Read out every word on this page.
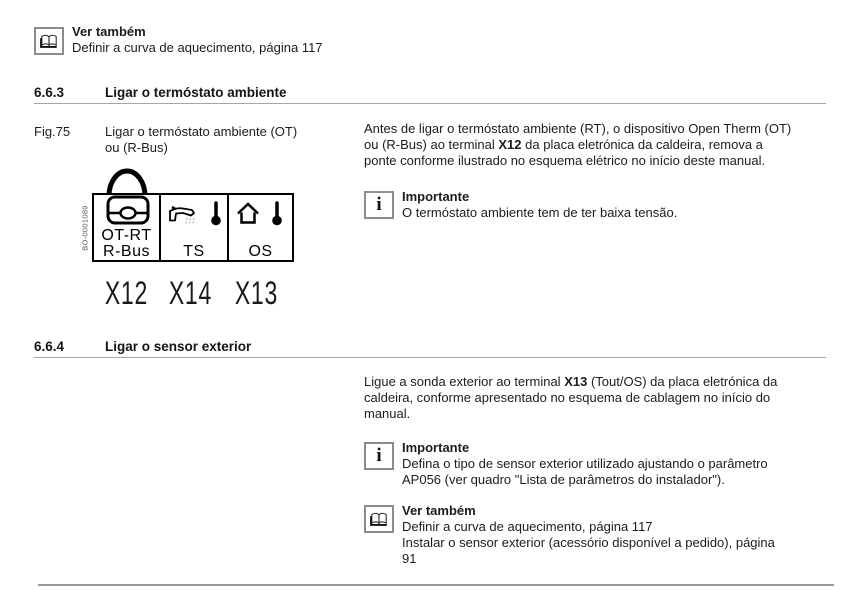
Ver também
Definir a curva de aquecimento, página 117
6.6.3	Ligar o termóstato ambiente
Fig.75	Ligar o termóstato ambiente (OT)
ou (R-Bus)
OT-RT
R-Bus	TS	OS
X12 X14 X13
BO-0001089
Antes de ligar o termóstato ambiente (RT), o dispositivo Open Therm (OT)
ou (R-Bus) ao terminal X12 da placa eletrónica da caldeira, remova a
ponte conforme ilustrado no esquema elétrico no início deste manual.
i Importante
O termóstato ambiente tem de ter baixa tensão.
6.6.4	Ligar o sensor exterior
Ligue a sonda exterior ao terminal X13 (Tout/OS) da placa eletrónica da
caldeira, conforme apresentado no esquema de cablagem no início do
manual.
i Importante
Defina o tipo de sensor exterior utilizado ajustando o parâmetro
AP056 (ver quadro "Lista de parâmetros do instalador").
Ver também
Definir a curva de aquecimento, página 117
Instalar o sensor exterior (acessório disponível a pedido), página
91
